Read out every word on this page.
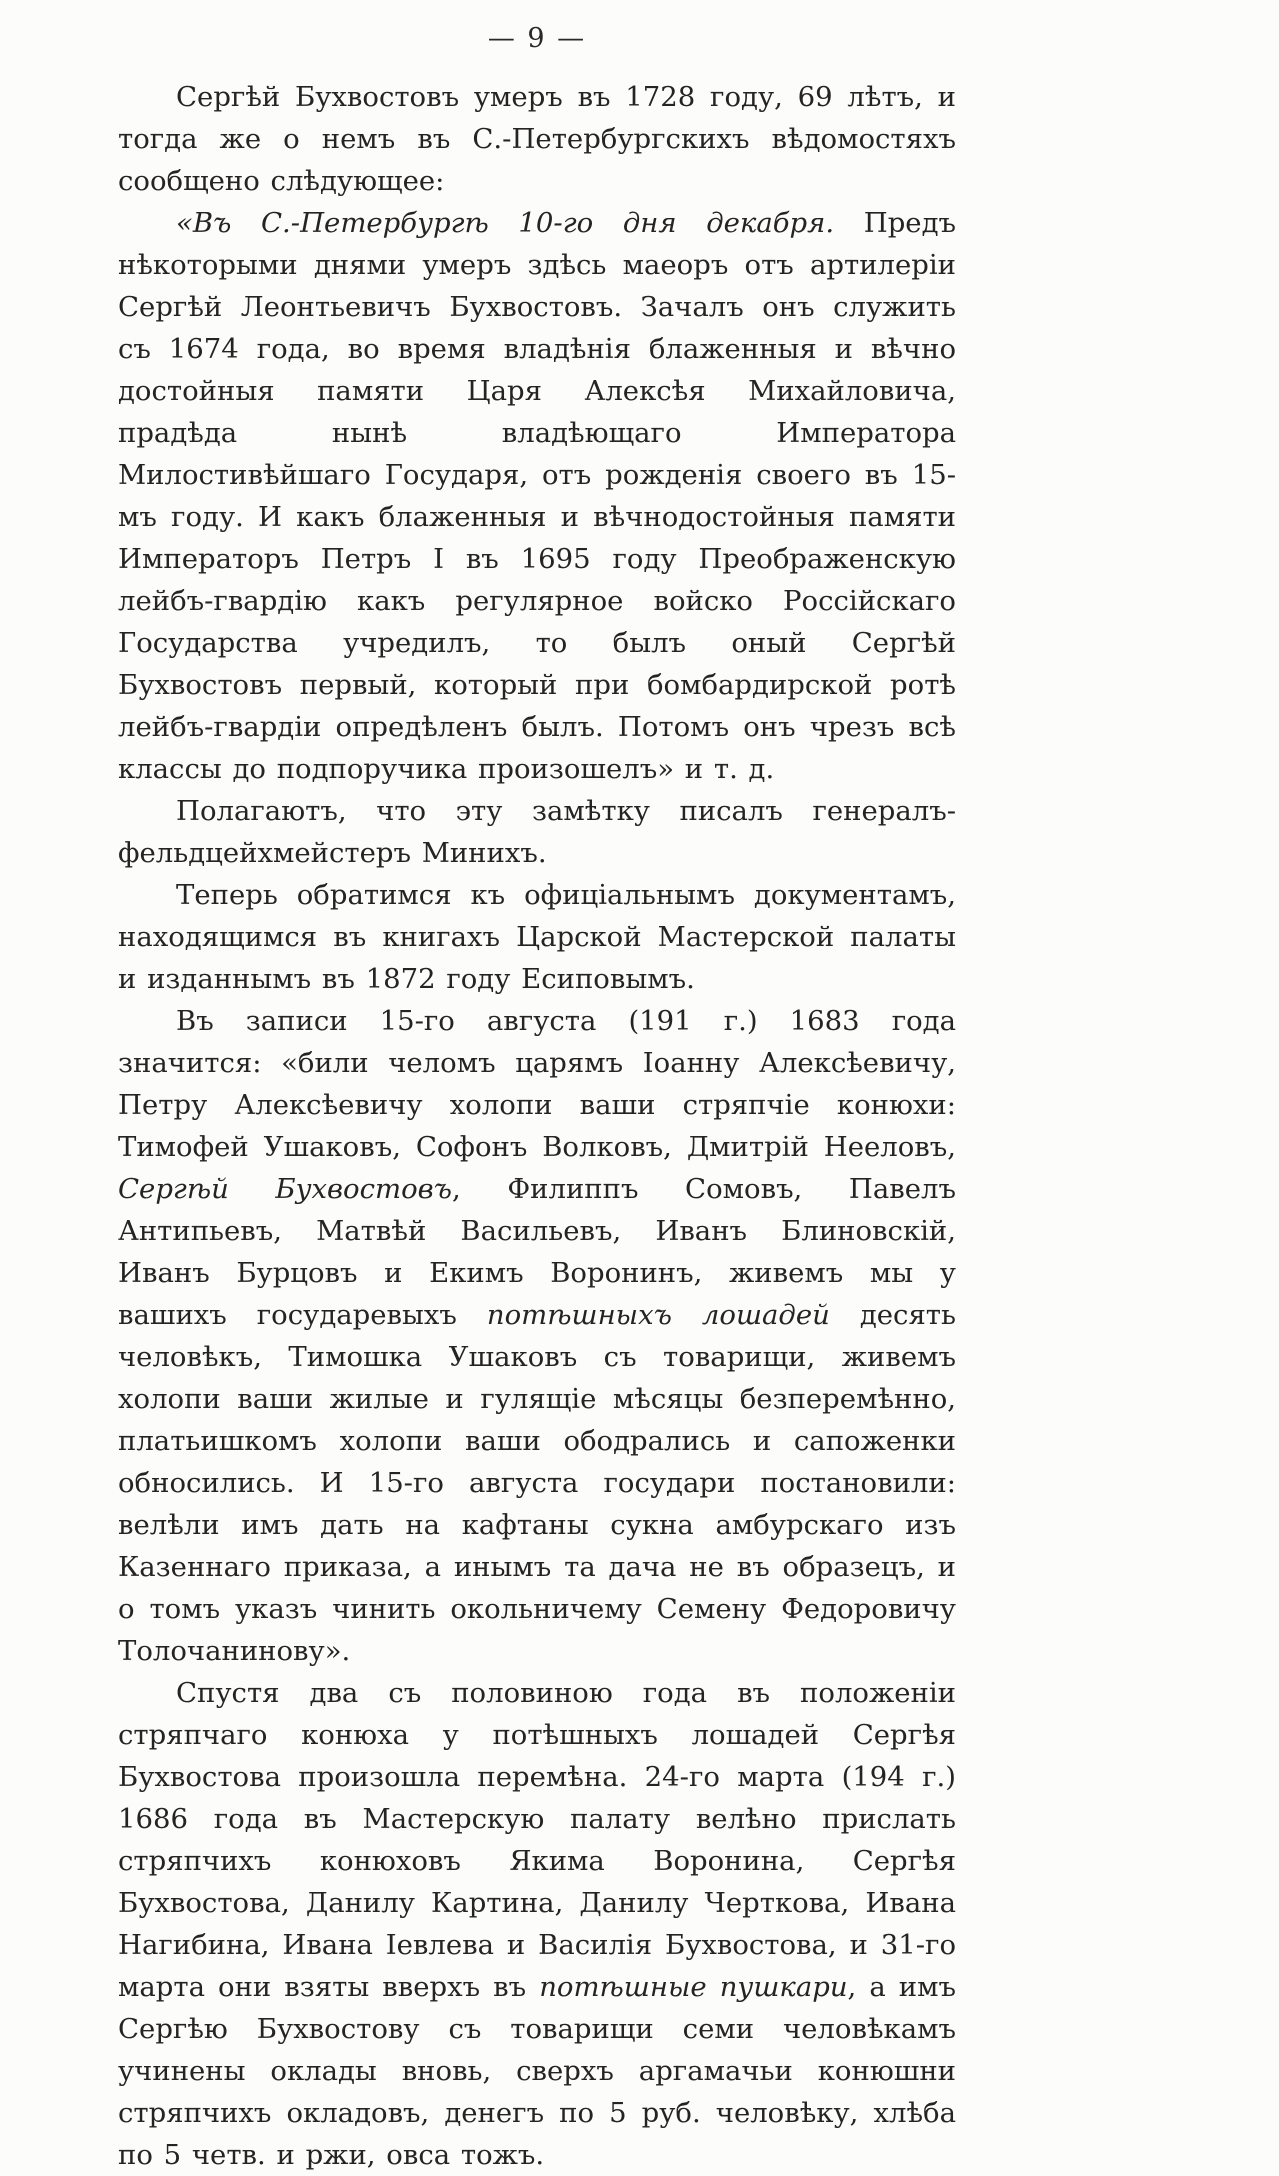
— 9 —

Сергѣй Бухвостовъ умеръ въ 1728 году, 69 лѣтъ, и тогда же о немъ въ С.-Петербургскихъ вѣдомостяхъ сообщено слѣдующее:

«Въ С.-Петербургѣ 10-го дня декабря. Предъ нѣкоторыми днями умеръ здѣсь маеоръ отъ артилеріи Сергѣй Леонтьевичъ Бухвостовъ. Зачалъ онъ служить съ 1674 года, во время владѣнія блаженныя и вѣчно достойныя памяти Царя Алексѣя Михайловича, прадѣда нынѣ владѣющаго Императора Милостивѣйшаго Государя, отъ рожденія своего въ 15-мъ году. И какъ блаженныя и вѣчнодостойныя памяти Императоръ Петръ I въ 1695 году Преображенскую лейбъ-гвардію какъ регулярное войско Россійскаго Государства учредилъ, то былъ оный Сергѣй Бухвостовъ первый, который при бомбардирской ротѣ лейбъ-гвардіи опредѣленъ былъ. Потомъ онъ чрезъ всѣ классы до подпоручика произошелъ» и т. д.

Полагаютъ, что эту замѣтку писалъ генералъ-фельдцейхмейстеръ Минихъ.

Теперь обратимся къ офиціальнымъ документамъ, находящимся въ книгахъ Царской Мастерской палаты и изданнымъ въ 1872 году Есиповымъ.

Въ записи 15-го августа (191 г.) 1683 года значится: «били челомъ царямъ Іоанну Алексѣевичу, Петру Алексѣевичу холопи ваши стряпчіе конюхи: Тимофей Ушаковъ, Софонъ Волковъ, Дмитрій Нееловъ, Сергѣй Бухвостовъ, Филиппъ Сомовъ, Павелъ Антипьевъ, Матвѣй Васильевъ, Иванъ Блиновскій, Иванъ Бурцовъ и Екимъ Воронинъ, живемъ мы у вашихъ государевыхъ потѣшныхъ лошадей десять человѣкъ, Тимошка Ушаковъ съ товарищи, живемъ холопи ваши жилые и гулящіе мѣсяцы безперемѣнно, платьишкомъ холопи ваши ободрались и сапоженки обносились. И 15-го августа государи постановили: велѣли имъ дать на кафтаны сукна амбурскаго изъ Казеннаго приказа, а инымъ та дача не въ образецъ, и о томъ указъ чинить окольничему Семену Федоровичу Толочанинову».

Спустя два съ половиною года въ положеніи стряпчаго конюха у потѣшныхъ лошадей Сергѣя Бухвостова произошла перемѣна. 24-го марта (194 г.) 1686 года въ Мастерскую палату велѣно прислать стряпчихъ конюховъ Якима Воронина, Сергѣя Бухвостова, Данилу Картина, Данилу Черткова, Ивана Нагибина, Ивана Іевлева и Василія Бухвостова, и 31-го марта они взяты вверхъ въ потѣшные пушкари, а имъ Сергѣю Бухвостову съ товарищи семи человѣкамъ учинены оклады вновь, сверхъ аргамачьи конюшни стряпчихъ окладовъ, денегъ по 5 руб. человѣку, хлѣба по 5 четв. и ржи, овса тожъ.
